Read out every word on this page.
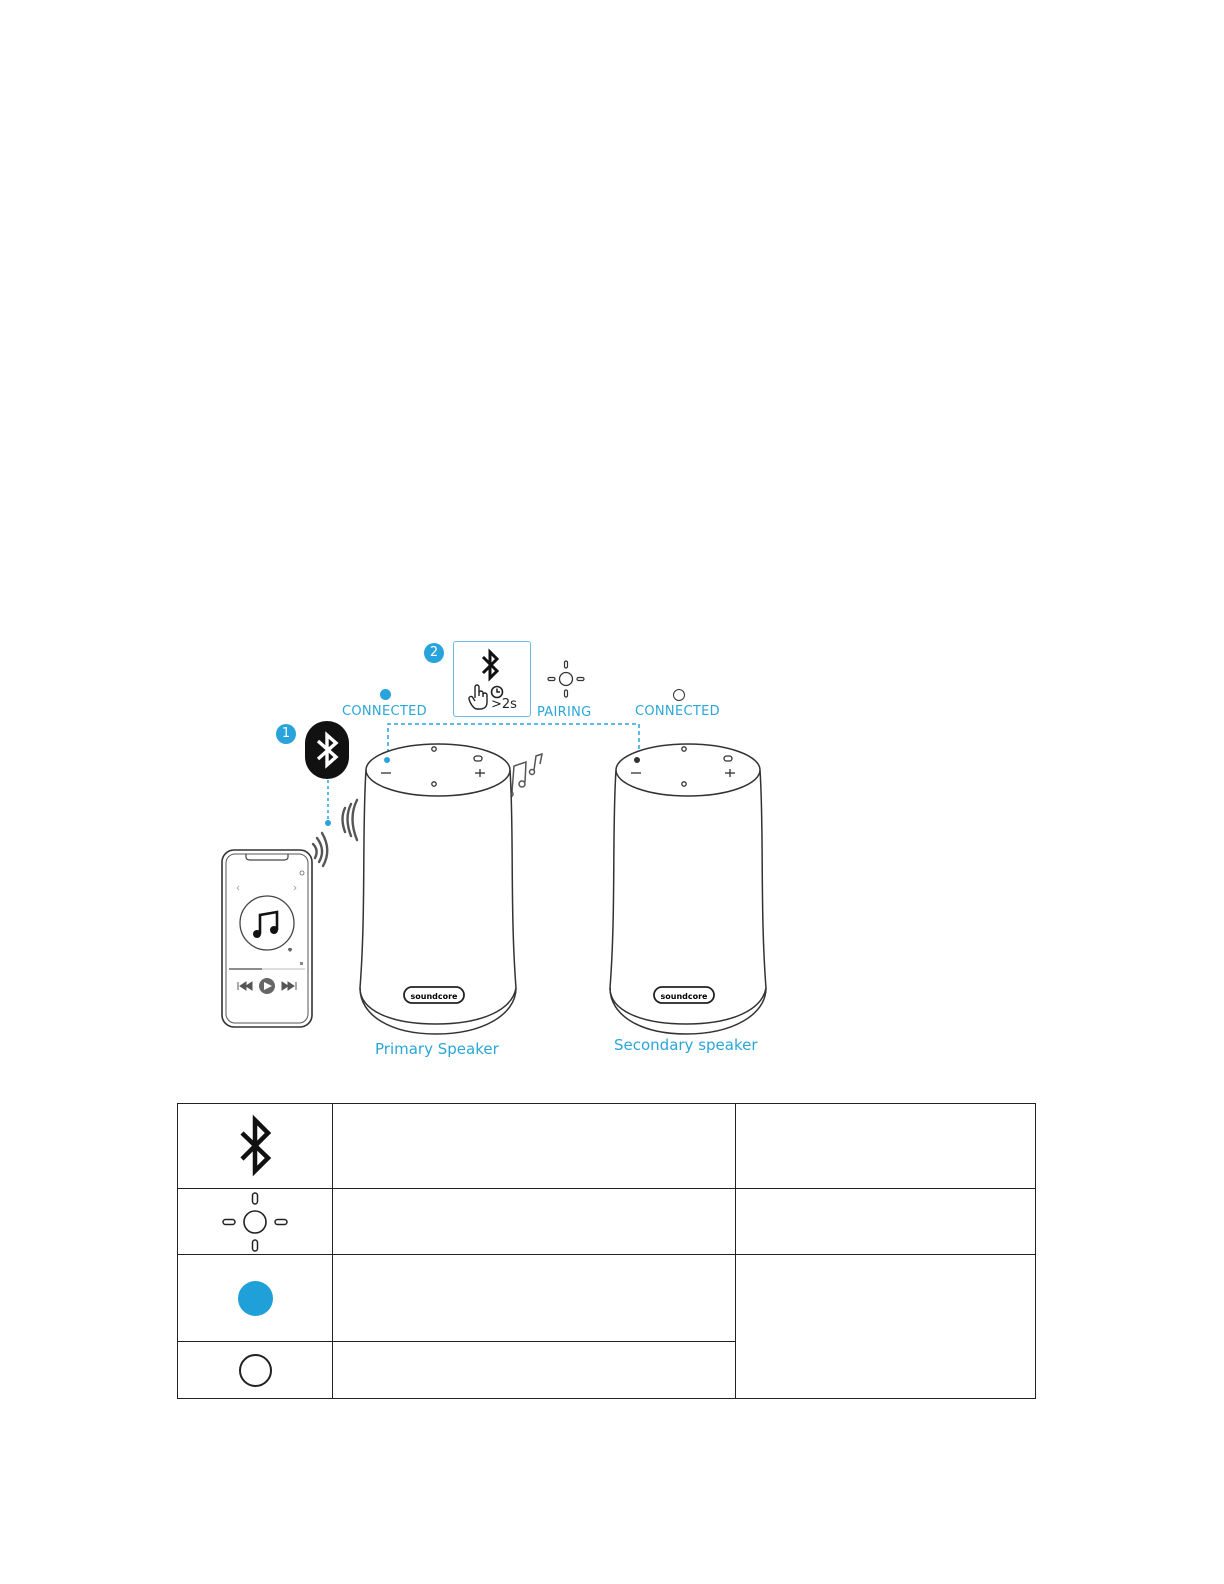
2
>2s
CONNECTED	PAIRING	CONNECTED
1
soundcore	soundcore
Primary Speaker	Secondary speaker
